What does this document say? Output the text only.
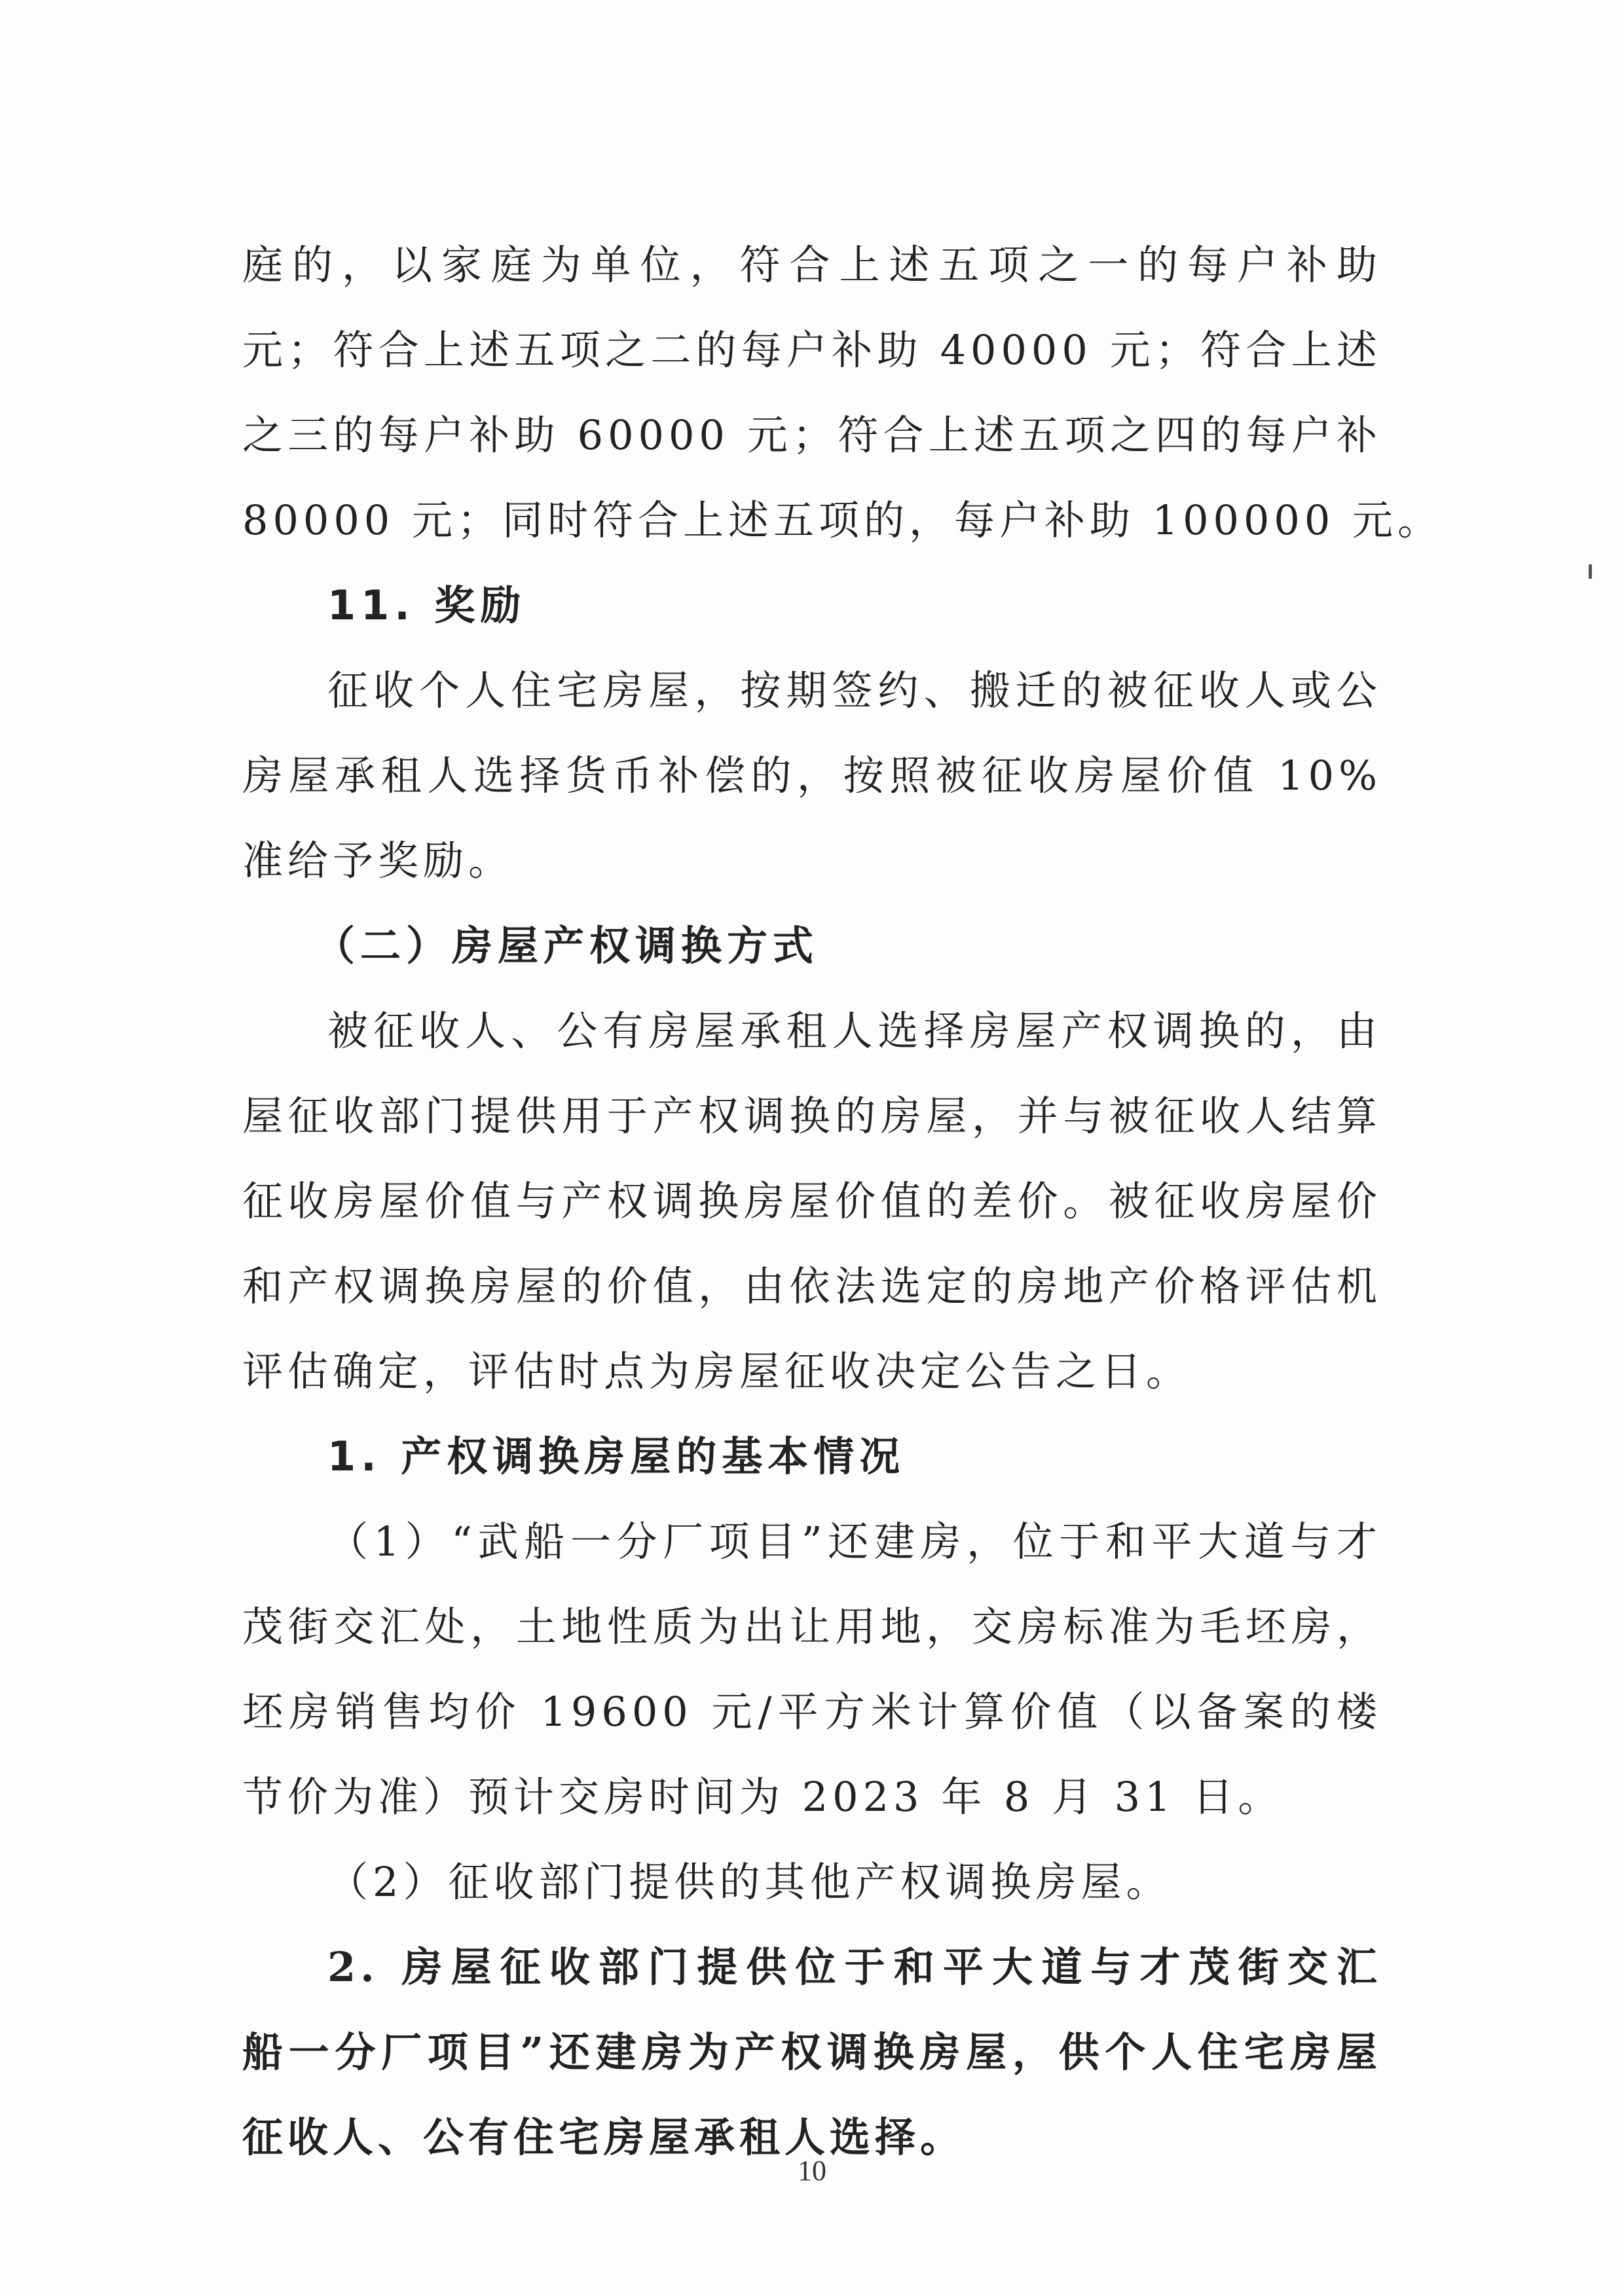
庭的，以家庭为单位，符合上述五项之一的每户补助
元；符合上述五项之二的每户补助 40000 元；符合上述
之三的每户补助 60000 元；符合上述五项之四的每户补
80000 元；同时符合上述五项的，每户补助 100000 元。
11. 奖励
征收个人住宅房屋，按期签约、搬迁的被征收人或公
房屋承租人选择货币补偿的，按照被征收房屋价值 10%
准给予奖励。
（二）房屋产权调换方式
被征收人、公有房屋承租人选择房屋产权调换的，由
屋征收部门提供用于产权调换的房屋，并与被征收人结算
征收房屋价值与产权调换房屋价值的差价。被征收房屋价
和产权调换房屋的价值，由依法选定的房地产价格评估机
评估确定，评估时点为房屋征收决定公告之日。
1. 产权调换房屋的基本情况
（1）“武船一分厂项目”还建房，位于和平大道与才
茂街交汇处，土地性质为出让用地，交房标准为毛坯房，
坯房销售均价 19600 元/平方米计算价值（以备案的楼
节价为准）预计交房时间为 2023 年 8 月 31 日。
（2）征收部门提供的其他产权调换房屋。
2. 房屋征收部门提供位于和平大道与才茂街交汇
船一分厂项目”还建房为产权调换房屋，供个人住宅房屋
征收人、公有住宅房屋承租人选择。
10
